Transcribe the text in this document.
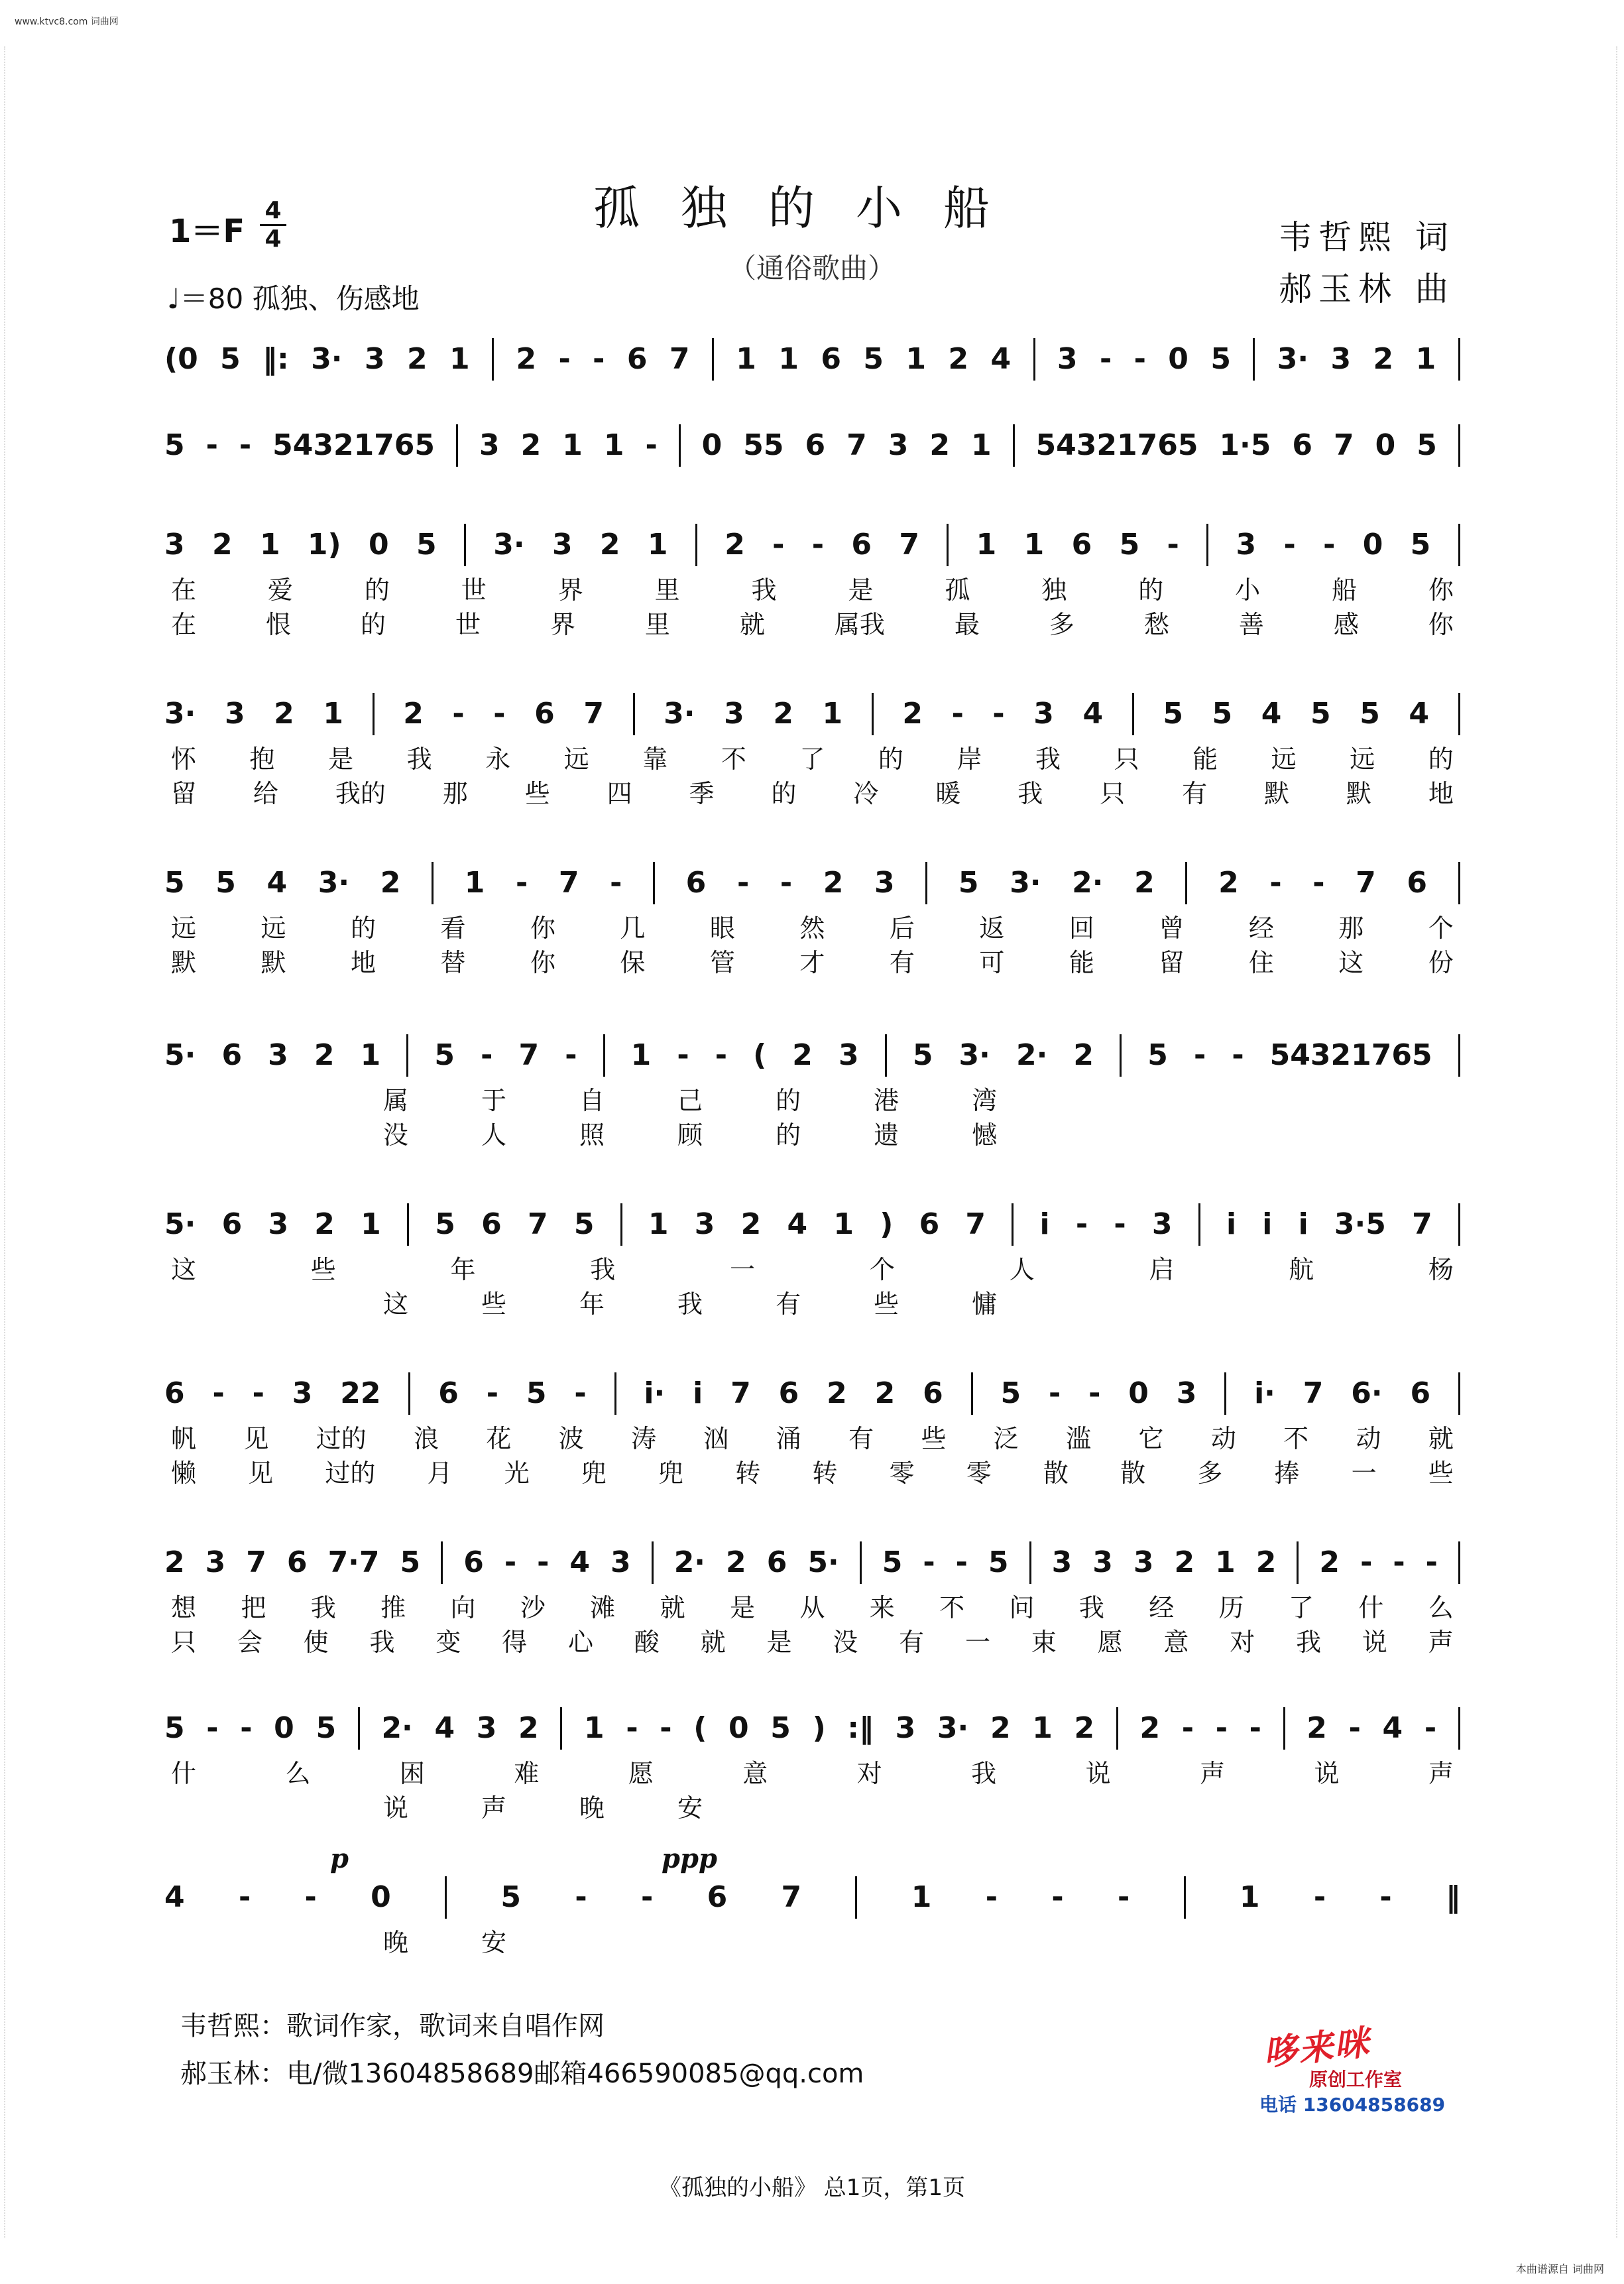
www.ktvc8.com 词曲网
孤独的小船
（通俗歌曲）
1＝F
4
4
♩＝80 孤独、伤感地
韦哲熙 词
郝玉林 曲
(0 5 ‖: 3· 3 2 1 2 - - 6 7 1 1 6 5 1 2 4 3 - - 0 5 3· 3 2 1
5 - - 54321765 3 2 1 1 - 0 55 6 7 3 2 1 54321765 1·5 6 7 0 5
3 2 1 1) 0 5 3· 3 2 1 2 - - 6 7 1 1 6 5 - 3 - - 0 5
在	爱	的	世	界	里	我	是	孤	独	的	小	船	你
在	恨	的	世	界	里	就	属我	最	多	愁	善	感	你
3· 3 2 1 2 - - 6 7 3· 3 2 1 2 - - 3 4 5 5 4 5 5 4
怀 抱 是 我 永 远 靠 不 了 的 岸 我 只 能 远 远 的
留 给 我的 那 些 四 季 的 冷 暖 我 只 有 默 默 地
5 5 4 3· 2 1 - 7 - 6 - - 2 3 5 3· 2· 2 2 - - 7 6
远	远	的	看	你	几	眼	然	后	返	回	曾	经	那	个
默	默	地	替	你	保	管	才	有	可	能	留	住	这	份
5· 6 3 2 1 5 - 7 - 1 - - ( 2 3 5 3· 2· 2 5 - - 54321765
属	于	自	己	的	港	湾
没	人	照	顾	的	遗	憾
5· 6 3 2 1 5 6 7 5 1 3 2 4 1 ) 6 7 i - - 3 i i i 3·5 7
这	些	年	我	一	个	人	启	航	杨
这	些	年	我	有	些	慵
6 - - 3 22 6 - 5 - i· i 7 6 2 2 6 5 - - 0 3 i· 7 6· 6
帆 见 过的 浪 花 波 涛 汹 涌 有 些 泛 滥 它 动 不 动 就
懒 见 过的 月 光 兜 兜 转 转 零 零 散 散 多 捧 一 些
2 3 7 6 7·7 5 6 - - 4 3 2· 2 6 5· 5 - - 5 3 3 3 2 1 2 2 - - -
想 把 我 推 向 沙 滩 就 是 从 来 不 问 我 经 历 了 什 么
只 会 使 我 变 得 心 酸 就 是 没 有 一 束 愿 意 对 我 说 声
5 - - 0 5 2· 4 3 2 1 - - ( 0 5 ) :‖ 3 3· 2 1 2 2 - - - 2 - 4 -
什	么	困	难	愿	意	对	我	说	声	说	声
说	声	晚	安
4 - - 0	5 - - 6 7	1 - - -	1 - - ‖
p	ppp
晚	安
韦哲熙：歌词作家，歌词来自唱作网
郝玉林：电/微13604858689邮箱466590085@qq.com
哆来咪
原创工作室
电话 13604858689
《孤独的小船》 总1页，第1页
本曲谱源自 词曲网
